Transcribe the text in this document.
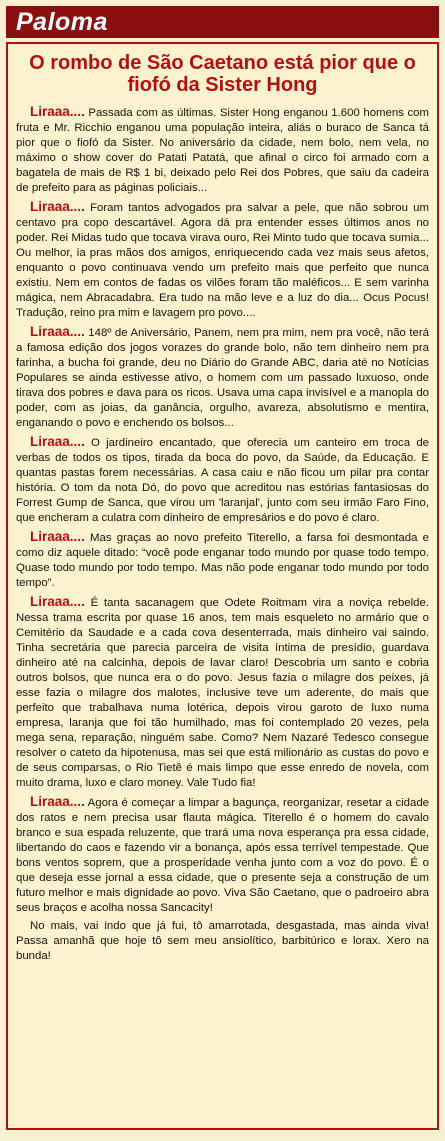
Paloma
O rombo de São Caetano está pior que o fiofó da Sister Hong

Liraaa.... Passada com as últimas. Sister Hong enganou 1.600 homens com fruta e Mr. Ricchio enganou uma população inteira, aliás o buraco de Sanca tá pior que o fiofó da Sister. No aniversário da cidade, nem bolo, nem vela, no máximo o show cover do Patati Patatá, que afinal o circo foi armado com a bagatela de mais de R$ 1 bi, deixado pelo Rei dos Pobres, que saiu da cadeira de prefeito para as páginas policiais...

Liraaa.... Foram tantos advogados pra salvar a pele, que não sobrou um centavo pra copo descartável. Agora dá pra entender esses últimos anos no poder. Rei Midas tudo que tocava virava ouro, Rei Minto tudo que tocava sumia... Ou melhor, ia pras mãos dos amigos, enriquecendo cada vez mais seus afetos, enquanto o povo continuava vendo um prefeito mais que perfeito que nunca existiu. Nem em contos de fadas os vilões foram tão maléficos... E sem varinha mágica, nem Abracadabra. Era tudo na mão leve e a luz do dia... Ocus Pocus! Tradução, reino pra mim e lavagem pro povo....

Liraaa.... 148º de Aniversário, Panem, nem pra mim, nem pra você, não terá a famosa edição dos jogos vorazes do grande bolo, não tem dinheiro nem pra farinha, a bucha foi grande, deu no Diário do Grande ABC, daria até no Notícias Populares se ainda estivesse ativo, o homem com um passado luxuoso, onde tirava dos pobres e dava para os ricos. Usava uma capa invisível e a manopla do poder, com as joias, da ganância, orgulho, avareza, absolutismo e mentira, enganando o povo e enchendo os bolsos...

Liraaa.... O jardineiro encantado, que oferecia um canteiro em troca de verbas de todos os tipos, tirada da boca do povo, da Saúde, da Educação. E quantas pastas forem necessárias. A casa caiu e não ficou um pilar pra contar história. O tom da nota Dó, do povo que acreditou nas estórias fantasiosas do Forrest Gump de Sanca, que virou um 'laranjal', junto com seu irmão Faro Fino, que encheram a culatra com dinheiro de empresários e do povo é claro.

Liraaa.... Mas graças ao novo prefeito Titerello, a farsa foi desmontada e como diz aquele ditado: “você pode enganar todo mundo por quase todo tempo. Quase todo mundo por todo tempo. Mas não pode enganar todo mundo por todo tempo”.

Liraaa.... É tanta sacanagem que Odete Roitmam vira a noviça rebelde. Nessa trama escrita por quase 16 anos, tem mais esqueleto no armário que o Cemitério da Saudade e a cada cova desenterrada, mais dinheiro vai saindo. Tinha secretária que parecia parceira de visita íntima de presídio, guardava dinheiro até na calcinha, depois de lavar claro! Descobria um santo e cobria outros bolsos, que nunca era o do povo. Jesus fazia o milagre dos peixes, já esse fazia o milagre dos malotes, inclusive teve um aderente, do mais que perfeito que trabalhava numa lotérica, depois virou garoto de luxo numa empresa, laranja que foi tão humilhado, mas foi contemplado 20 vezes, pela mega sena, reparação, ninguém sabe. Como? Nem Nazaré Tedesco consegue resolver o cateto da hipotenusa, mas sei que está milionário as custas do povo e de seus comparsas, o Rio Tietê é mais limpo que esse enredo de novela, com muito drama, luxo e claro money. Vale Tudo fia!

Liraaa.... Agora é começar a limpar a bagunça, reorganizar, resetar a cidade dos ratos e nem precisa usar flauta mágica. Titerello é o homem do cavalo branco e sua espada reluzente, que trará uma nova esperança pra essa cidade, libertando do caos e fazendo vir a bonança, após essa terrível tempestade. Que bons ventos soprem, que a prosperidade venha junto com a voz do povo. É o que deseja esse jornal a essa cidade, que o presente seja a construção de um futuro melhor e mais dignidade ao povo. Viva São Caetano, que o padroeiro abra seus braços e acolha nossa Sancacity!

No mais, vai indo que já fui, tô amarrotada, desgastada, mas ainda viva! Passa amanhã que hoje tô sem meu ansiolítico, barbitúrico e lorax. Xero na bunda!
